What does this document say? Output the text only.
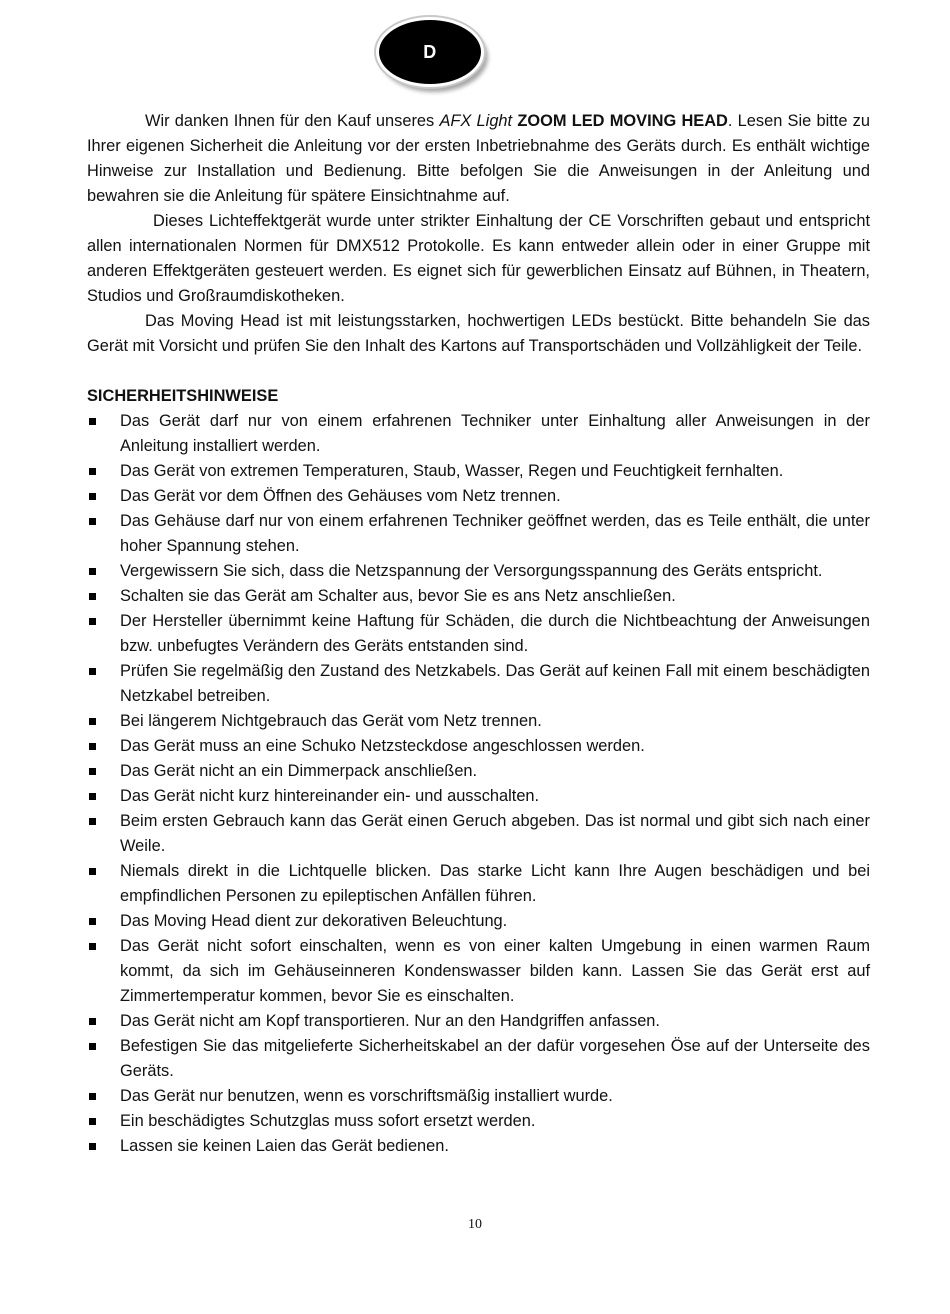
D

Wir danken Ihnen für den Kauf unseres AFX Light ZOOM LED MOVING HEAD. Lesen Sie bitte zu Ihrer eigenen Sicherheit die Anleitung vor der ersten Inbetriebnahme des Geräts durch. Es enthält wichtige Hinweise zur Installation und Bedienung. Bitte befolgen Sie die Anweisungen in der Anleitung und bewahren sie die Anleitung für spätere Einsichtnahme auf.

Dieses Lichteffektgerät wurde unter strikter Einhaltung der CE Vorschriften gebaut und entspricht allen internationalen Normen für DMX512 Protokolle. Es kann entweder allein oder in einer Gruppe mit anderen Effektgeräten gesteuert werden. Es eignet sich für gewerblichen Einsatz auf Bühnen, in Theatern, Studios und Großraumdiskotheken.

Das Moving Head ist mit leistungsstarken, hochwertigen LEDs bestückt. Bitte behandeln Sie das Gerät mit Vorsicht und prüfen Sie den Inhalt des Kartons auf Transportschäden und Vollzähligkeit der Teile.

SICHERHEITSHINWEISE
Das Gerät darf nur von einem erfahrenen Techniker unter Einhaltung aller Anweisungen in der Anleitung installiert werden.
Das Gerät von extremen Temperaturen, Staub, Wasser, Regen und Feuchtigkeit fernhalten.
Das Gerät vor dem Öffnen des Gehäuses vom Netz trennen.
Das Gehäuse darf nur von einem erfahrenen Techniker geöffnet werden, das es Teile enthält, die unter hoher Spannung stehen.
Vergewissern Sie sich, dass die Netzspannung der Versorgungsspannung des Geräts entspricht.
Schalten sie das Gerät am Schalter aus, bevor Sie es ans Netz anschließen.
Der Hersteller übernimmt keine Haftung für Schäden, die durch die Nichtbeachtung der Anweisungen bzw. unbefugtes Verändern des Geräts entstanden sind.
Prüfen Sie regelmäßig den Zustand des Netzkabels. Das Gerät auf keinen Fall mit einem beschädigten Netzkabel betreiben.
Bei längerem Nichtgebrauch das Gerät vom Netz trennen.
Das Gerät muss an eine Schuko Netzsteckdose angeschlossen werden.
Das Gerät nicht an ein Dimmerpack anschließen.
Das Gerät nicht kurz hintereinander ein- und ausschalten.
Beim ersten Gebrauch kann das Gerät einen Geruch abgeben. Das ist normal und gibt sich nach einer Weile.
Niemals direkt in die Lichtquelle blicken. Das starke Licht kann Ihre Augen beschädigen und bei empfindlichen Personen zu epileptischen Anfällen führen.
Das Moving Head dient zur dekorativen Beleuchtung.
Das Gerät nicht sofort einschalten, wenn es von einer kalten Umgebung in einen warmen Raum kommt, da sich im Gehäuseinneren Kondenswasser bilden kann. Lassen Sie das Gerät erst auf Zimmertemperatur kommen, bevor Sie es einschalten.
Das Gerät nicht am Kopf transportieren. Nur an den Handgriffen anfassen.
Befestigen Sie das mitgelieferte Sicherheitskabel an der dafür vorgesehen Öse auf der Unterseite des Geräts.
Das Gerät nur benutzen, wenn es vorschriftsmäßig installiert wurde.
Ein beschädigtes Schutzglas muss sofort ersetzt werden.
Lassen sie keinen Laien das Gerät bedienen.
10
